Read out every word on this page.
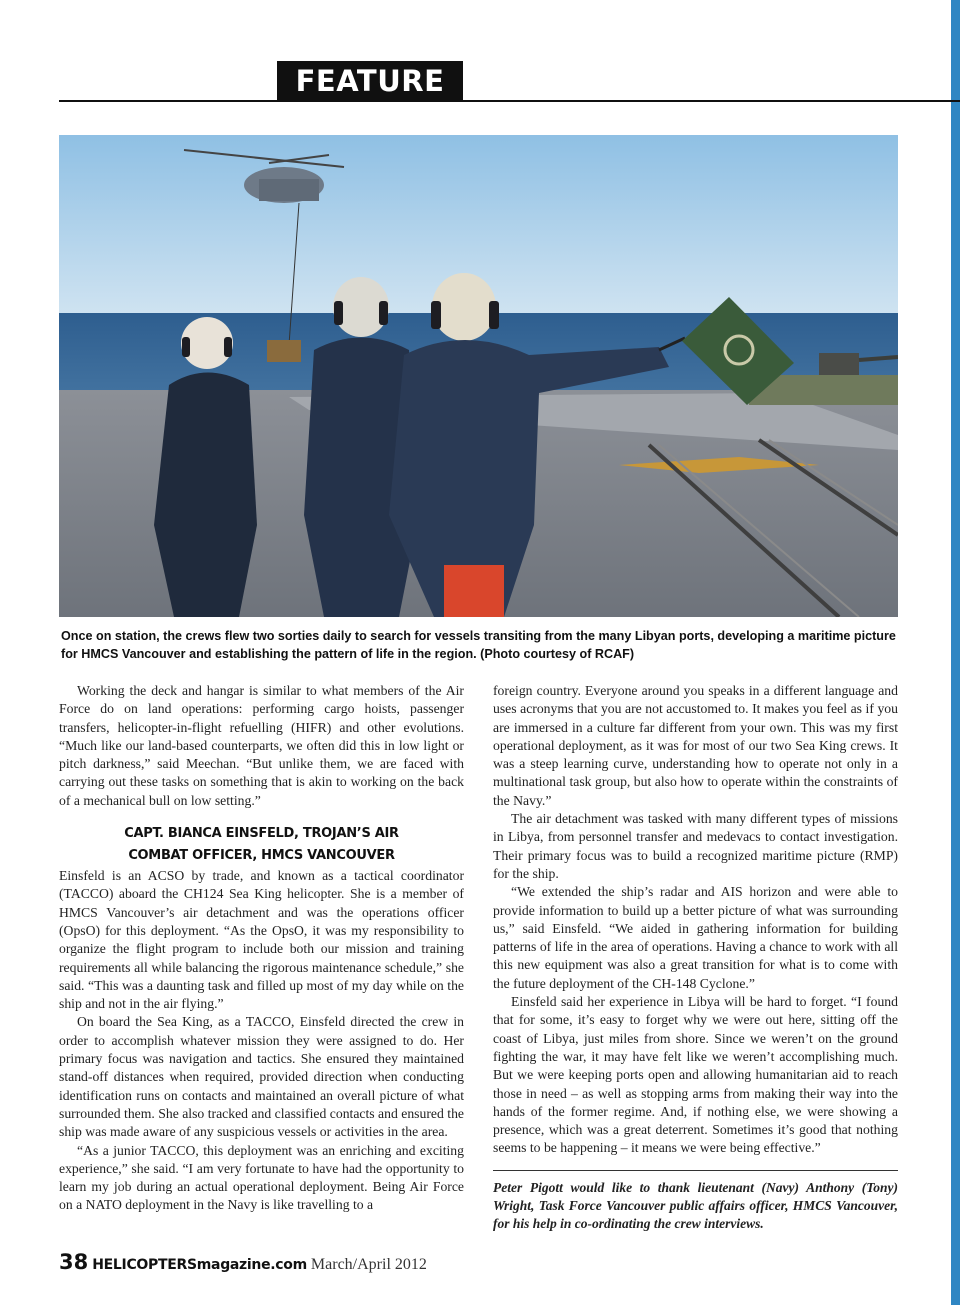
FEATURE
Once on station, the crews flew two sorties daily to search for vessels transiting from the many Libyan ports, developing a maritime picture for HMCS Vancouver and establishing the pattern of life in the region. (Photo courtesy of RCAF)

Working the deck and hangar is similar to what members of the Air Force do on land operations: performing cargo hoists, passenger transfers, helicopter-in-flight refuelling (HIFR) and other evolutions. “Much like our land-based counterparts, we often did this in low light or pitch darkness,” said Meechan. “But unlike them, we are faced with carrying out these tasks on something that is akin to working on the back of a mechanical bull on low setting.”

CAPT. BIANCA EINSFELD, TROJAN’S AIR
COMBAT OFFICER, HMCS VANCOUVER

Einsfeld is an ACSO by trade, and known as a tactical coordinator (TACCO) aboard the CH124 Sea King helicopter. She is a member of HMCS Vancouver’s air detachment and was the operations officer (OpsO) for this deployment. “As the OpsO, it was my responsibility to organize the flight program to include both our mission and training requirements all while balancing the rigorous maintenance schedule,” she said. “This was a daunting task and filled up most of my day while on the ship and not in the air flying.”

On board the Sea King, as a TACCO, Einsfeld directed the crew in order to accomplish whatever mission they were assigned to do. Her primary focus was navigation and tactics. She ensured they maintained stand-off distances when required, provided direction when conducting identification runs on contacts and maintained an overall picture of what surrounded them. She also tracked and classified contacts and ensured the ship was made aware of any suspicious vessels or activities in the area.

“As a junior TACCO, this deployment was an enriching and exciting experience,” she said. “I am very fortunate to have had the opportunity to learn my job during an actual operational deployment. Being Air Force on a NATO deployment in the Navy is like travelling to a

foreign country. Everyone around you speaks in a different language and uses acronyms that you are not accustomed to. It makes you feel as if you are immersed in a culture far different from your own. This was my first operational deployment, as it was for most of our two Sea King crews. It was a steep learning curve, understanding how to operate not only in a multinational task group, but also how to operate within the constraints of the Navy.”

The air detachment was tasked with many different types of missions in Libya, from personnel transfer and medevacs to contact investigation. Their primary focus was to build a recognized maritime picture (RMP) for the ship.

“We extended the ship’s radar and AIS horizon and were able to provide information to build up a better picture of what was surrounding us,” said Einsfeld. “We aided in gathering information for building patterns of life in the area of operations. Having a chance to work with all this new equipment was also a great transition for what is to come with the future deployment of the CH-148 Cyclone.”

Einsfeld said her experience in Libya will be hard to forget. “I found that for some, it’s easy to forget why we were out here, sitting off the coast of Libya, just miles from shore. Since we weren’t on the ground fighting the war, it may have felt like we weren’t accomplishing much. But we were keeping ports open and allowing humanitarian aid to reach those in need – as well as stopping arms from making their way into the hands of the former regime. And, if nothing else, we were showing a presence, which was a great deterrent. Sometimes it’s good that nothing seems to be happening – it means we were being effective.”

Peter Pigott would like to thank lieutenant (Navy) Anthony (Tony) Wright, Task Force Vancouver public affairs officer, HMCS Vancouver, for his help in co-ordinating the crew interviews.
38 HELICOPTERSmagazine.com March/April 2012
